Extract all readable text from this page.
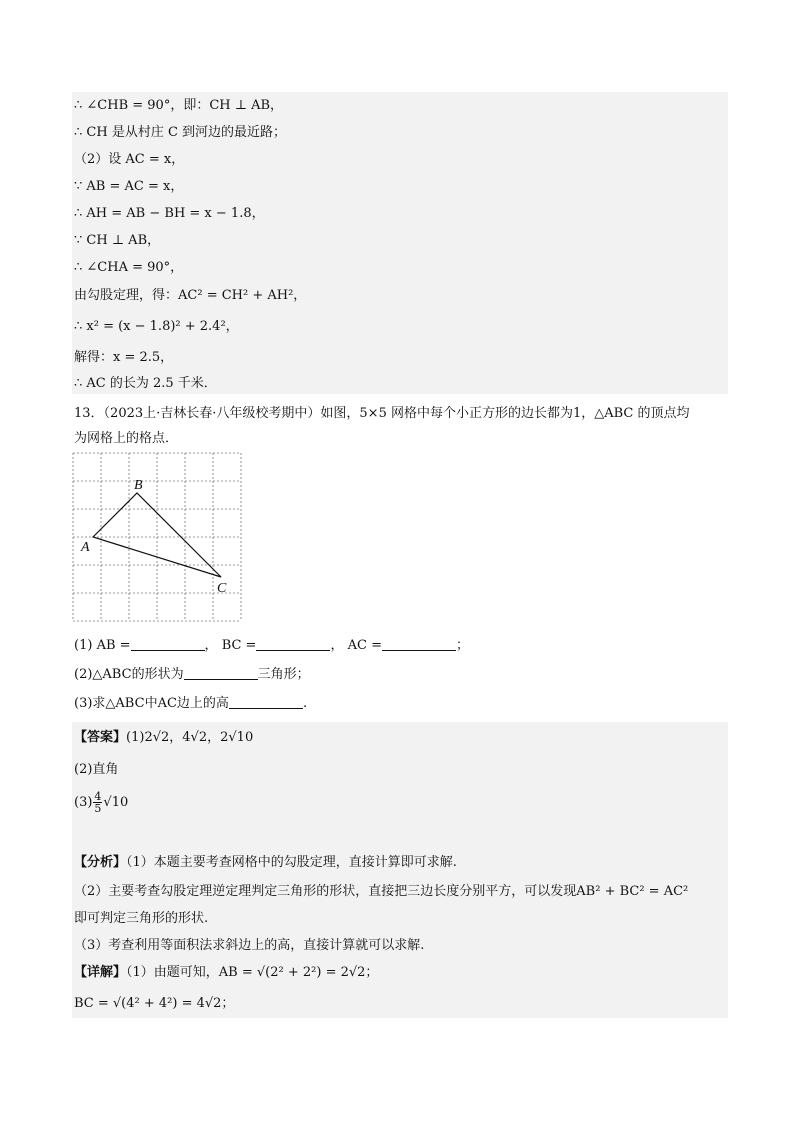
∴ ∠CHB = 90°，即：CH ⊥ AB，
∴ CH 是从村庄 C 到河边的最近路；
（2）设 AC = x，
∵ AB = AC = x，
∴ AH = AB − BH = x − 1.8，
∵ CH ⊥ AB，
∴ ∠CHA = 90°，
由勾股定理，得：AC² = CH² + AH²，
∴ x² = (x − 1.8)² + 2.4²，
解得：x = 2.5，
∴ AC 的长为 2.5 千米．
13．（2023上·吉林长春·八年级校考期中）如图，5×5 网格中每个小正方形的边长都为1，△ABC 的顶点均
为网格上的格点．
B
A
C
(1) AB =	， BC =	， AC =	；
(2)△ABC的形状为	三角形；
(3)求△ABC中AC边上的高	.
【答案】(1)2√2，4√2，2√10
(2)直角
$(3) \frac{4}{5} √10$
【分析】（1）本题主要考查网格中的勾股定理，直接计算即可求解.
（2）主要考查勾股定理逆定理判定三角形的形状，直接把三边长度分别平方，可以发现AB² + BC² = AC²
即可判定三角形的形状.
（3）考查利用等面积法求斜边上的高，直接计算就可以求解.
【详解】（1）由题可知，AB = √(2² + 2²) = 2√2；
BC = √(4² + 4²) = 4√2；
